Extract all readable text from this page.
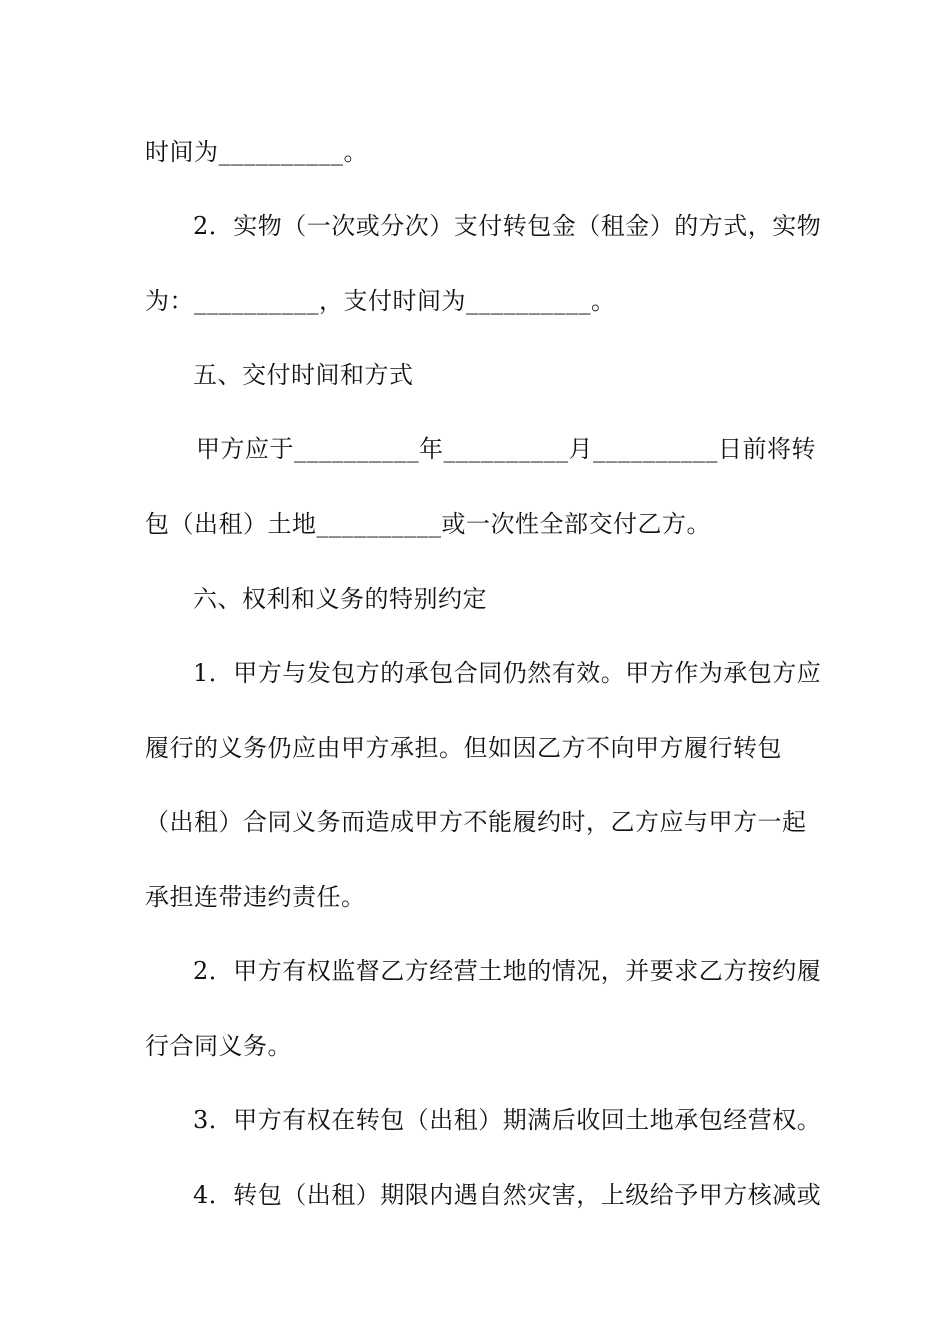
时间为__________。
2．实物（一次或分次）支付转包金（租金）的方式，实物
为：__________，支付时间为__________。
五、交付时间和方式
甲方应于__________年__________月__________日前将转
包（出租）土地__________或一次性全部交付乙方。
六、权利和义务的特别约定
1．甲方与发包方的承包合同仍然有效。甲方作为承包方应
履行的义务仍应由甲方承担。但如因乙方不向甲方履行转包
（出租）合同义务而造成甲方不能履约时，乙方应与甲方一起
承担连带违约责任。
2．甲方有权监督乙方经营土地的情况，并要求乙方按约履
行合同义务。
3．甲方有权在转包（出租）期满后收回土地承包经营权。
4．转包（出租）期限内遇自然灾害，上级给予甲方核减或
